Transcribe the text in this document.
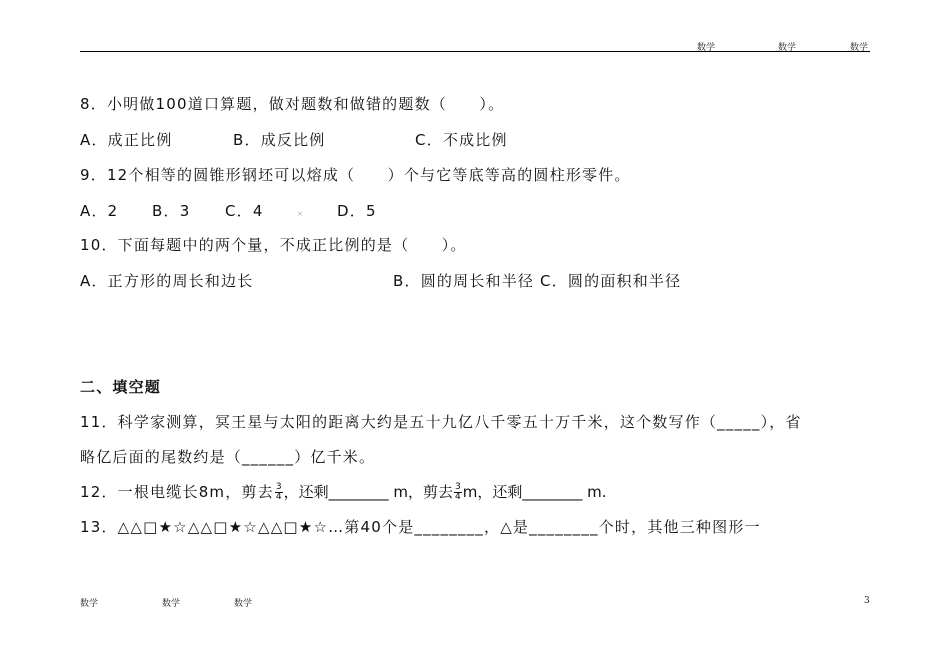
数学	数学	数学
8．小明做100道口算题，做对题数和做错的题数（　　）。
A．成正比例	B．成反比例	C．不成比例
9．12个相等的圆锥形钢坯可以熔成（　　）个与它等底等高的圆柱形零件。
A．2 B．3 C．4	D．5
×
10．下面每题中的两个量，不成正比例的是（　　）。
A．正方形的周长和边长	B．圆的周长和半径 C．圆的面积和半径
二、填空题
11．科学家测算，冥王星与太阳的距离大约是五十九亿八千零五十万千米，这个数写作（_____），省
略亿后面的尾数约是（______）亿千米。
12．一根电缆长8m，剪去 $\frac{3}{4}$ ，还剩________ m，剪去 $\frac{3}{4}$ m，还剩________ m.
13．△△□★☆△△□★☆△△□★☆…第40个是________，△是________个时，其他三种图形一
数学	数学	数学	3
